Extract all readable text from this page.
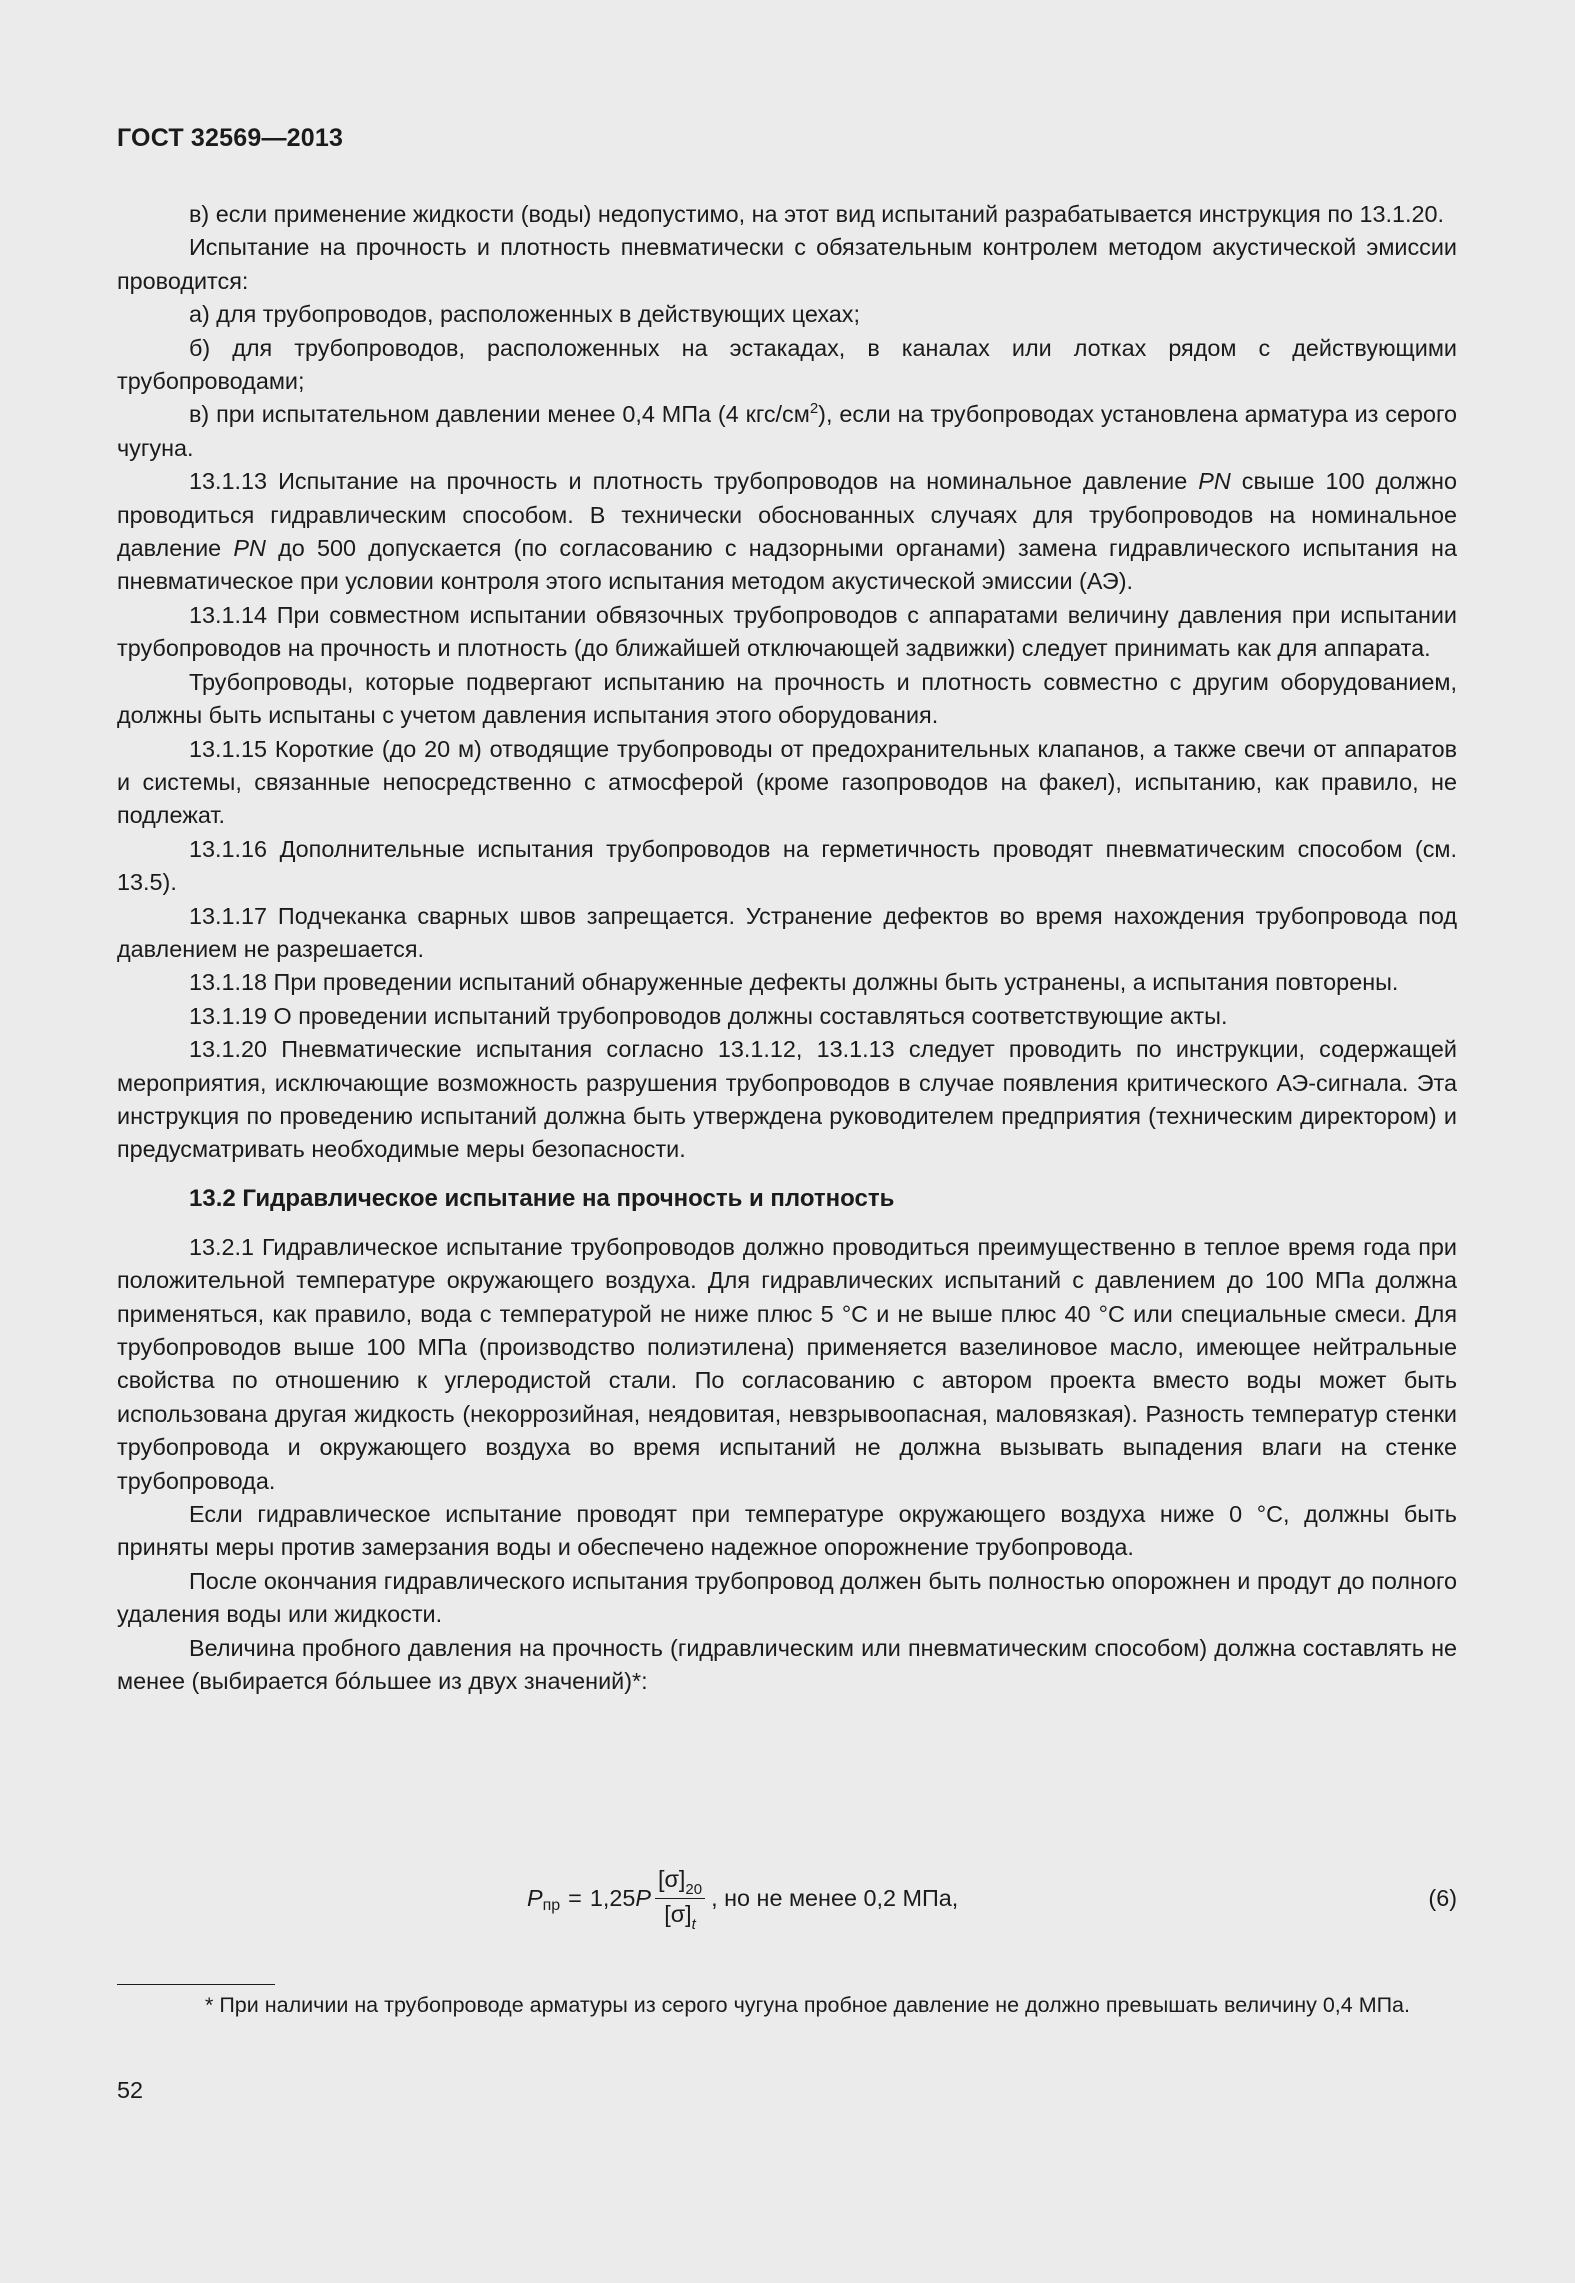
ГОСТ 32569—2013

в) если применение жидкости (воды) недопустимо, на этот вид испытаний разрабатывается инструкция по 13.1.20.

Испытание на прочность и плотность пневматически с обязательным контролем методом акустической эмиссии проводится:

а) для трубопроводов, расположенных в действующих цехах;

б) для трубопроводов, расположенных на эстакадах, в каналах или лотках рядом с действующими трубопроводами;

в) при испытательном давлении менее 0,4 МПа (4 кгс/$см^2$), если на трубопроводах установлена арматура из серого чугуна.

13.1.13 Испытание на прочность и плотность трубопроводов на номинальное давление PN свыше 100 должно проводиться гидравлическим способом. В технически обоснованных случаях для трубопроводов на номинальное давление PN до 500 допускается (по согласованию с надзорными органами) замена гидравлического испытания на пневматическое при условии контроля этого испытания методом акустической эмиссии (АЭ).

13.1.14 При совместном испытании обвязочных трубопроводов с аппаратами величину давления при испытании трубопроводов на прочность и плотность (до ближайшей отключающей задвижки) следует принимать как для аппарата.

Трубопроводы, которые подвергают испытанию на прочность и плотность совместно с другим оборудованием, должны быть испытаны с учетом давления испытания этого оборудования.

13.1.15 Короткие (до 20 м) отводящие трубопроводы от предохранительных клапанов, а также свечи от аппаратов и системы, связанные непосредственно с атмосферой (кроме газопроводов на факел), испытанию, как правило, не подлежат.

13.1.16 Дополнительные испытания трубопроводов на герметичность проводят пневматическим способом (см. 13.5).

13.1.17 Подчеканка сварных швов запрещается. Устранение дефектов во время нахождения трубопровода под давлением не разрешается.

13.1.18 При проведении испытаний обнаруженные дефекты должны быть устранены, а испытания повторены.

13.1.19 О проведении испытаний трубопроводов должны составляться соответствующие акты.

13.1.20 Пневматические испытания согласно 13.1.12, 13.1.13 следует проводить по инструкции, содержащей мероприятия, исключающие возможность разрушения трубопроводов в случае появления критического АЭ-сигнала. Эта инструкция по проведению испытаний должна быть утверждена руководителем предприятия (техническим директором) и предусматривать необходимые меры безопасности.

13.2 Гидравлическое испытание на прочность и плотность

13.2.1 Гидравлическое испытание трубопроводов должно проводиться преимущественно в теплое время года при положительной температуре окружающего воздуха. Для гидравлических испытаний с давлением до 100 МПа должна применяться, как правило, вода с температурой не ниже плюс 5 °С и не выше плюс 40 °С или специальные смеси. Для трубопроводов выше 100 МПа (производство полиэтилена) применяется вазелиновое масло, имеющее нейтральные свойства по отношению к углеродистой стали. По согласованию с автором проекта вместо воды может быть использована другая жидкость (некоррозийная, неядовитая, невзрывоопасная, маловязкая). Разность температур стенки трубопровода и окружающего воздуха во время испытаний не должна вызывать выпадения влаги на стенке трубопровода.

Если гидравлическое испытание проводят при температуре окружающего воздуха ниже 0 °С, должны быть приняты меры против замерзания воды и обеспечено надежное опорожнение трубопровода.

После окончания гидравлического испытания трубопровод должен быть полностью опорожнен и продут до полного удаления воды или жидкости.

Величина пробного давления на прочность (гидравлическим или пневматическим способом) должна составлять не менее (выбирается бóльшее из двух значений)*:

P пр = 1,25 P $\frac{[\sigma]_{20}}{[\sigma]_t}$ , но не менее 0,2 МПа,	(6)

* При наличии на трубопроводе арматуры из серого чугуна пробное давление не должно превышать величину 0,4 МПа.

52
